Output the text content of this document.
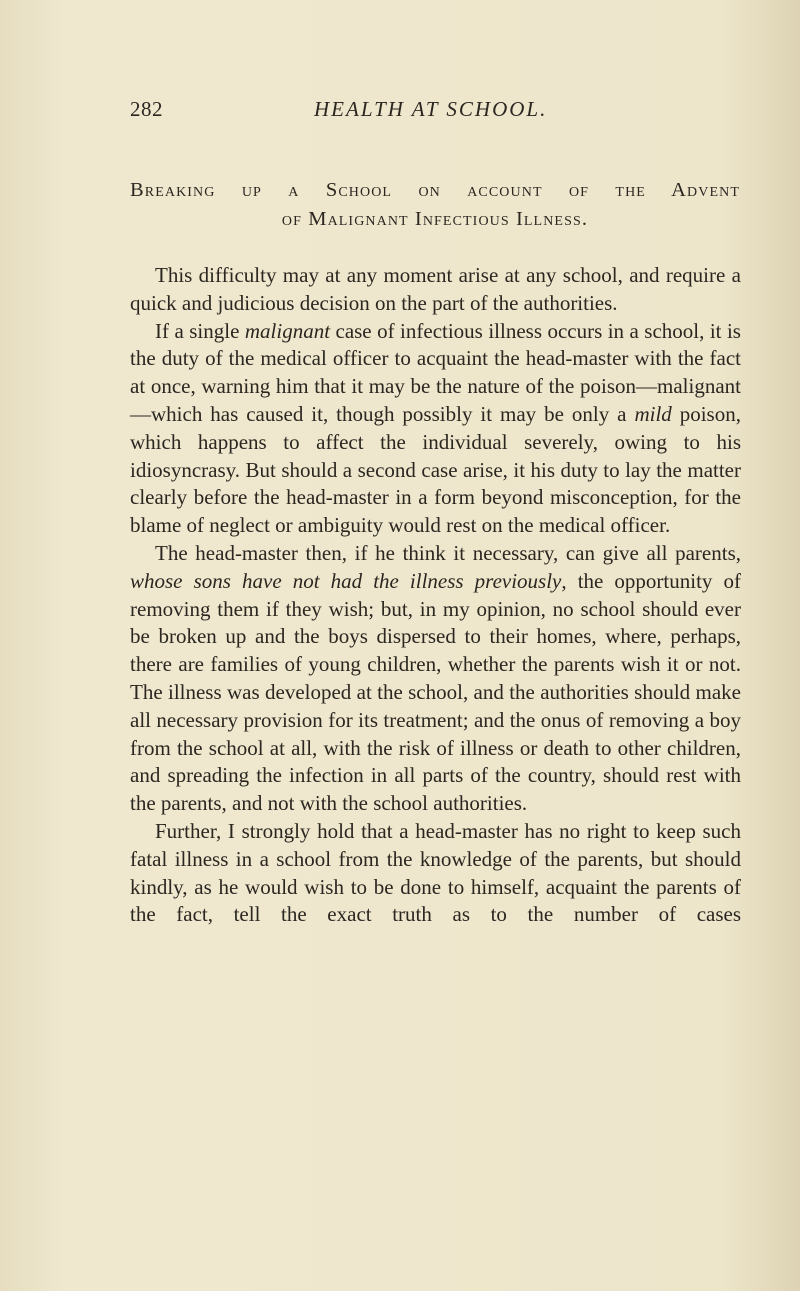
282	HEALTH AT SCHOOL.
Breaking up a School on account of the Advent
of Malignant Infectious Illness.

This difficulty may at any moment arise at any school, and require a quick and judicious decision on the part of the authorities.

If a single malignant case of infectious illness occurs in a school, it is the duty of the medical officer to acquaint the head-master with the fact at once, warning him that it may be the nature of the poison—malignant—which has caused it, though possibly it may be only a mild poison, which happens to affect the individual severely, owing to his idiosyncrasy. But should a second case arise, it his duty to lay the matter clearly before the head-master in a form beyond misconception, for the blame of neglect or ambiguity would rest on the medical officer.

The head-master then, if he think it necessary, can give all parents, whose sons have not had the illness previously, the opportunity of removing them if they wish; but, in my opinion, no school should ever be broken up and the boys dispersed to their homes, where, perhaps, there are families of young children, whether the parents wish it or not. The illness was developed at the school, and the authorities should make all necessary provision for its treatment; and the onus of removing a boy from the school at all, with the risk of illness or death to other children, and spreading the infection in all parts of the country, should rest with the parents, and not with the school authorities.

Further, I strongly hold that a head-master has no right to keep such fatal illness in a school from the knowledge of the parents, but should kindly, as he would wish to be done to himself, acquaint the parents of the fact, tell the exact truth as to the number of cases
